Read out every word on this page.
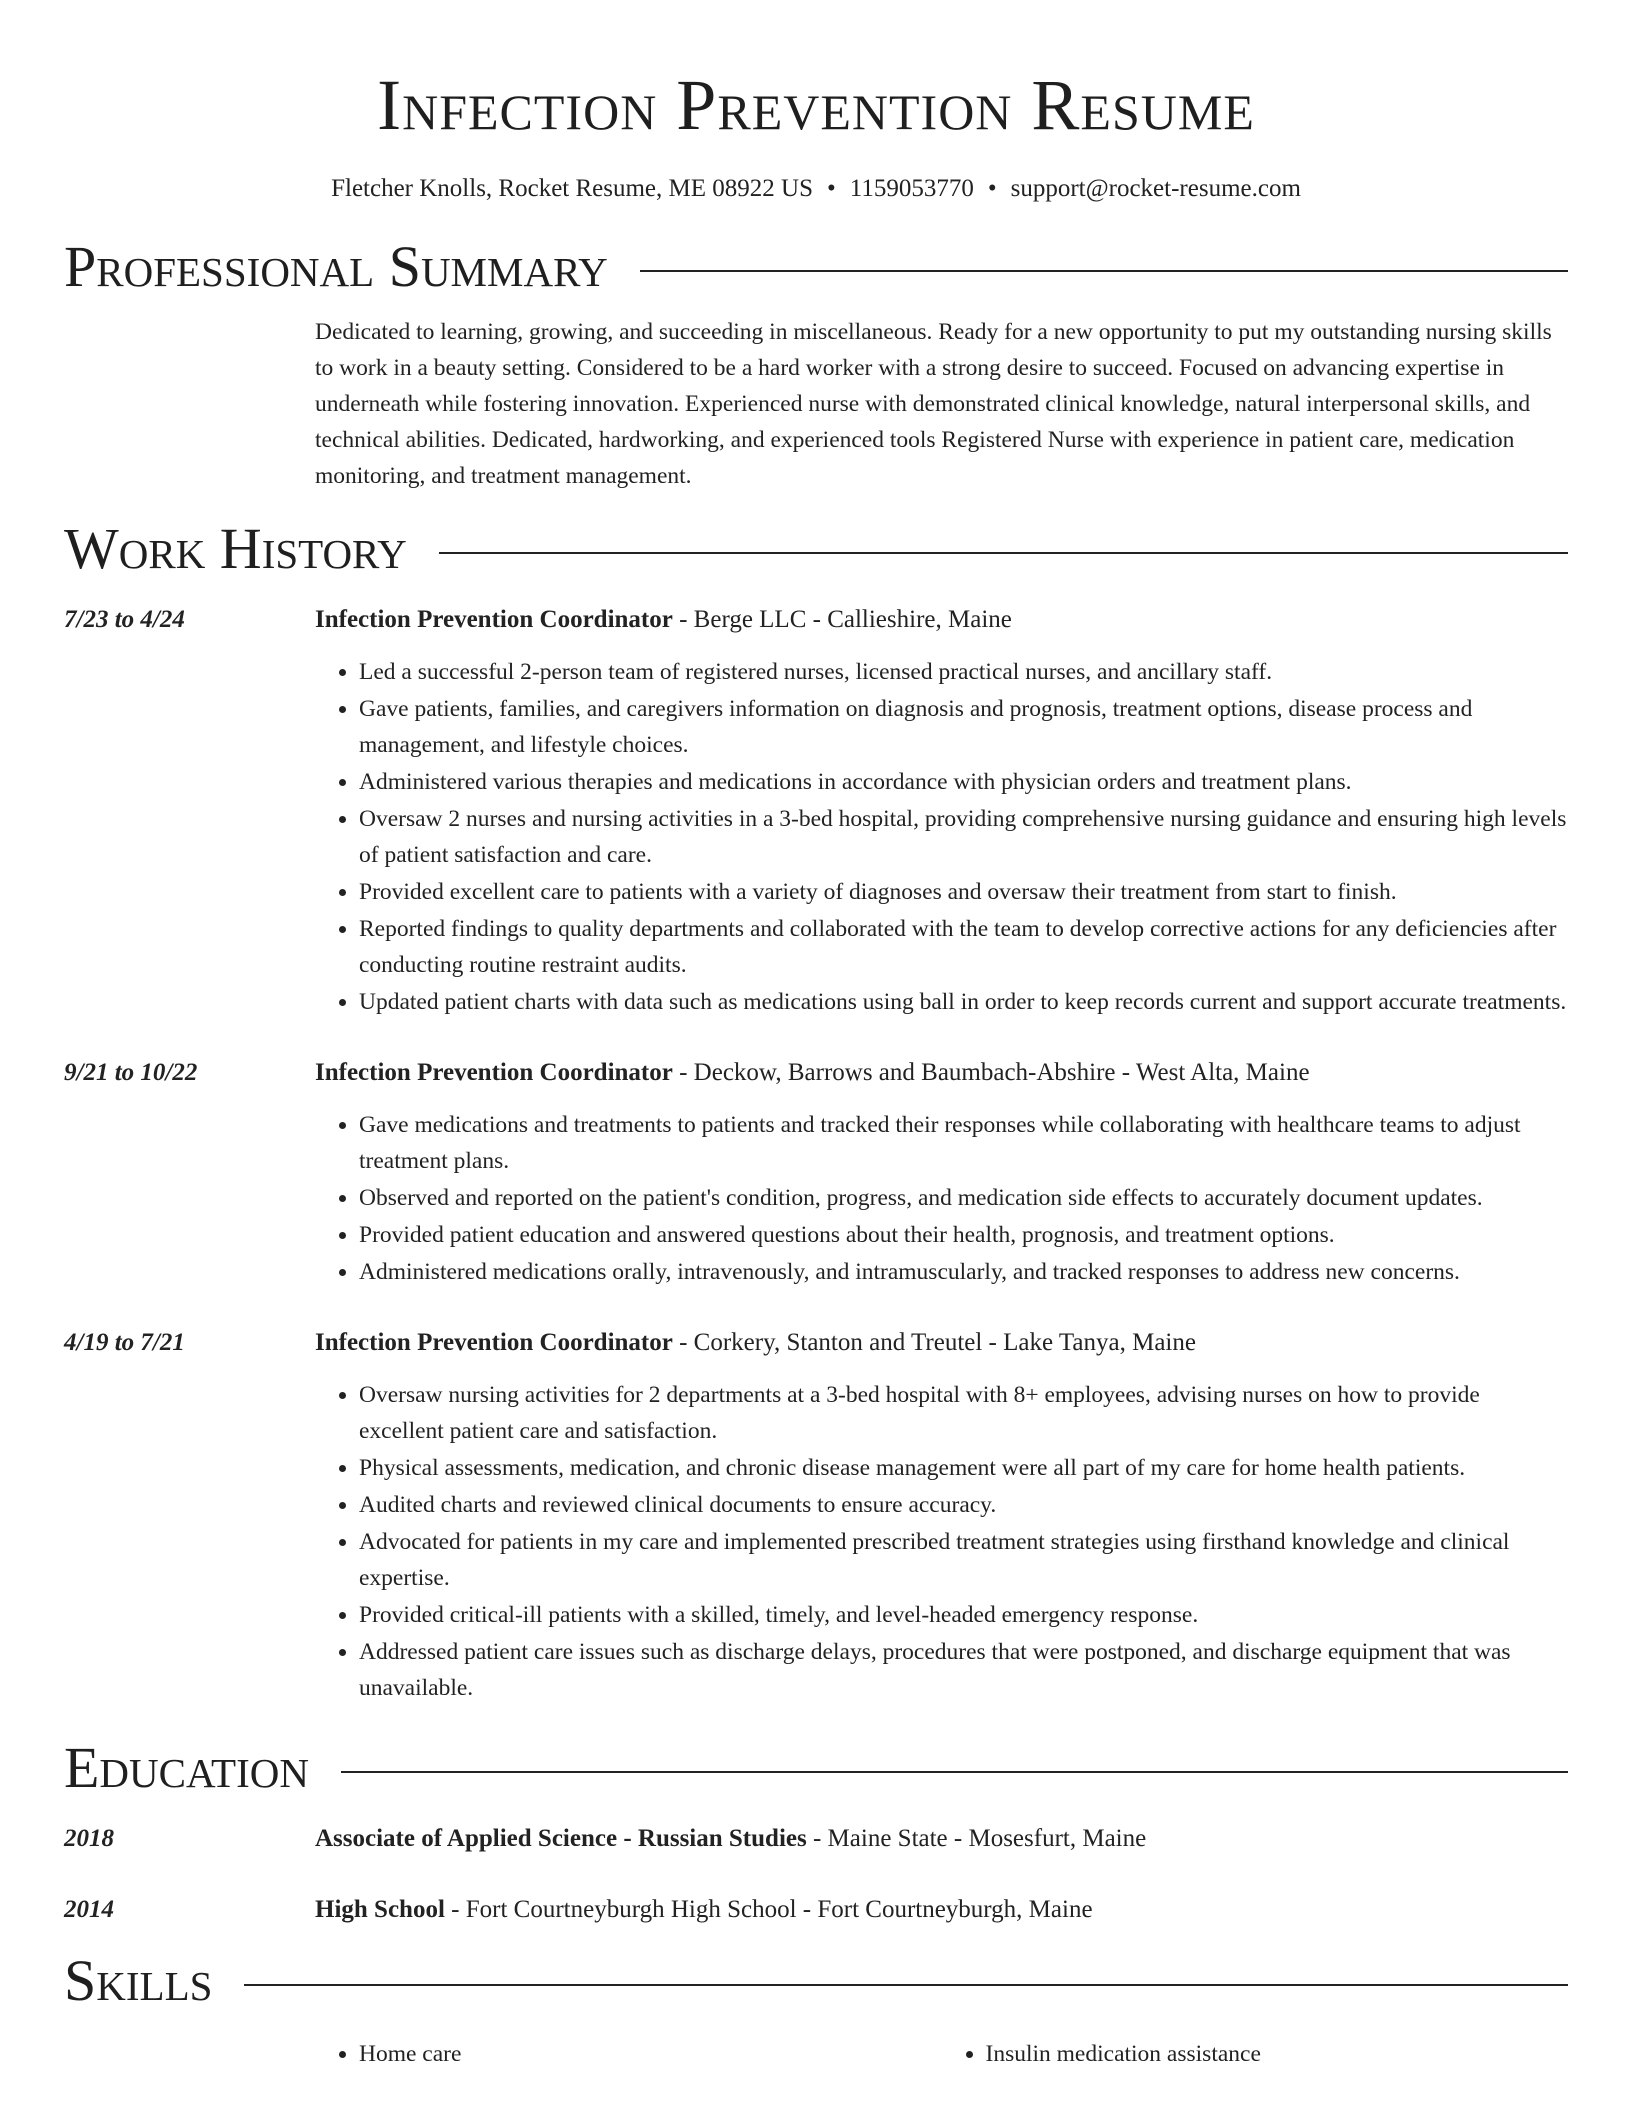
Infection Prevention Resume
Fletcher Knolls, Rocket Resume, ME 08922 US • 1159053770 • support@rocket-resume.com
Professional Summary

Dedicated to learning, growing, and succeeding in miscellaneous. Ready for a new opportunity to put my outstanding nursing skills to work in a beauty setting. Considered to be a hard worker with a strong desire to succeed. Focused on advancing expertise in underneath while fostering innovation. Experienced nurse with demonstrated clinical knowledge, natural interpersonal skills, and technical abilities. Dedicated, hardworking, and experienced tools Registered Nurse with experience in patient care, medication monitoring, and treatment management.

Work History
7/23 to 4/24	Infection Prevention Coordinator - Berge LLC - Callieshire, Maine
• Led a successful 2-person team of registered nurses, licensed practical nurses, and ancillary staff.
• Gave patients, families, and caregivers information on diagnosis and prognosis, treatment options, disease process and management, and lifestyle choices.
• Administered various therapies and medications in accordance with physician orders and treatment plans.
• Oversaw 2 nurses and nursing activities in a 3-bed hospital, providing comprehensive nursing guidance and ensuring high levels of patient satisfaction and care.
• Provided excellent care to patients with a variety of diagnoses and oversaw their treatment from start to finish.
• Reported findings to quality departments and collaborated with the team to develop corrective actions for any deficiencies after conducting routine restraint audits.
• Updated patient charts with data such as medications using ball in order to keep records current and support accurate treatments.
9/21 to 10/22	Infection Prevention Coordinator - Deckow, Barrows and Baumbach-Abshire - West Alta, Maine
• Gave medications and treatments to patients and tracked their responses while collaborating with healthcare teams to adjust treatment plans.
• Observed and reported on the patient's condition, progress, and medication side effects to accurately document updates.
• Provided patient education and answered questions about their health, prognosis, and treatment options.
• Administered medications orally, intravenously, and intramuscularly, and tracked responses to address new concerns.
4/19 to 7/21	Infection Prevention Coordinator - Corkery, Stanton and Treutel - Lake Tanya, Maine
• Oversaw nursing activities for 2 departments at a 3-bed hospital with 8+ employees, advising nurses on how to provide excellent patient care and satisfaction.
• Physical assessments, medication, and chronic disease management were all part of my care for home health patients.
• Audited charts and reviewed clinical documents to ensure accuracy.
• Advocated for patients in my care and implemented prescribed treatment strategies using firsthand knowledge and clinical expertise.
• Provided critical-ill patients with a skilled, timely, and level-headed emergency response.
• Addressed patient care issues such as discharge delays, procedures that were postponed, and discharge equipment that was unavailable.
Education
2018	Associate of Applied Science - Russian Studies - Maine State - Mosesfurt, Maine
2014	High School - Fort Courtneyburgh High School - Fort Courtneyburgh, Maine
Skills
• Home care
•	Insulin medication assistance
